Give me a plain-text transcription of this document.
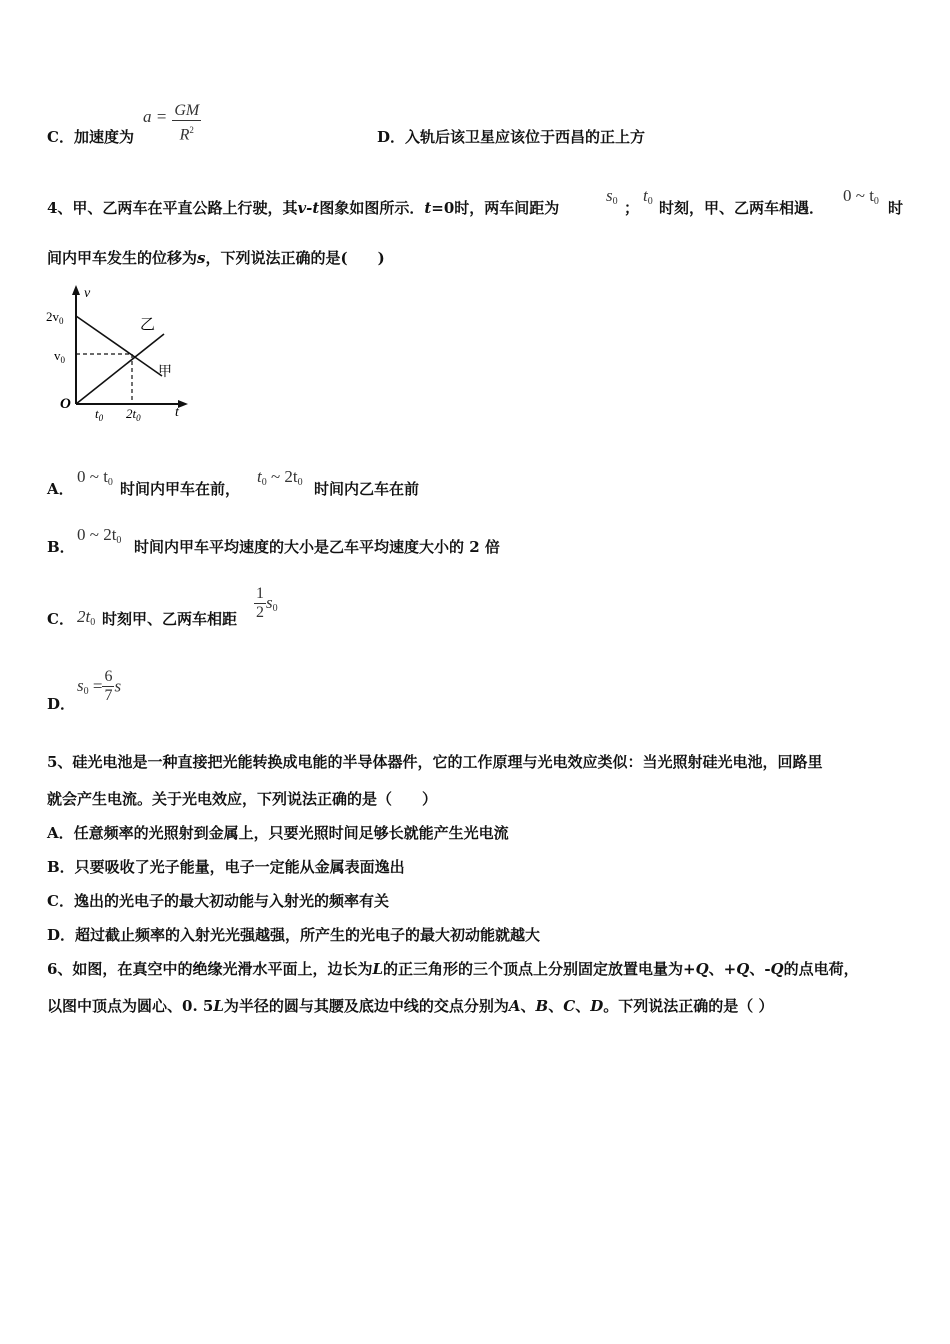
C．加速度为
$a = \frac{GM}{R^2}$	D．入轨后该卫星应该位于西昌的正上方
4、甲、乙两车在平直公路上行驶，其v-t图象如图所示．t=0时，两车间距为
$s_0$ ；
$t_0$ 时刻，甲、乙两车相遇．
0 ~ $t_0$ 时
间内甲车发生的位移为s，下列说法正确的是(　　)
v
t
O
$2v_0$
$v_0$
$t_0$ $2t_0$
乙
甲
A．
0 ~ $t_0$ 时间内甲车在前，
$t_0$ ~ $2t_0$ 时间内乙车在前
B．
0 ~ $2t_0$ 时间内甲车平均速度的大小是乙车平均速度大小的 2 倍
C． $2t_0$ 时刻甲、乙两车相距 $\frac{1}{2} s_0$
D．
$s_0 = \frac{6}{7}$ s
5、硅光电池是一种直接把光能转换成电能的半导体器件，它的工作原理与光电效应类似：当光照射硅光电池，回路里
就会产生电流。关于光电效应，下列说法正确的是（　　）
A．任意频率的光照射到金属上，只要光照时间足够长就能产生光电流
B．只要吸收了光子能量，电子一定能从金属表面逸出
C．逸出的光电子的最大初动能与入射光的频率有关
D．超过截止频率的入射光光强越强，所产生的光电子的最大初动能就越大
6、如图，在真空中的绝缘光滑水平面上，边长为L的正三角形的三个顶点上分别固定放置电量为+Q、+Q、-Q的点电荷，
以图中顶点为圆心、0. 5L为半径的圆与其腰及底边中线的交点分别为A、B、C、D。下列说法正确的是（ ）
